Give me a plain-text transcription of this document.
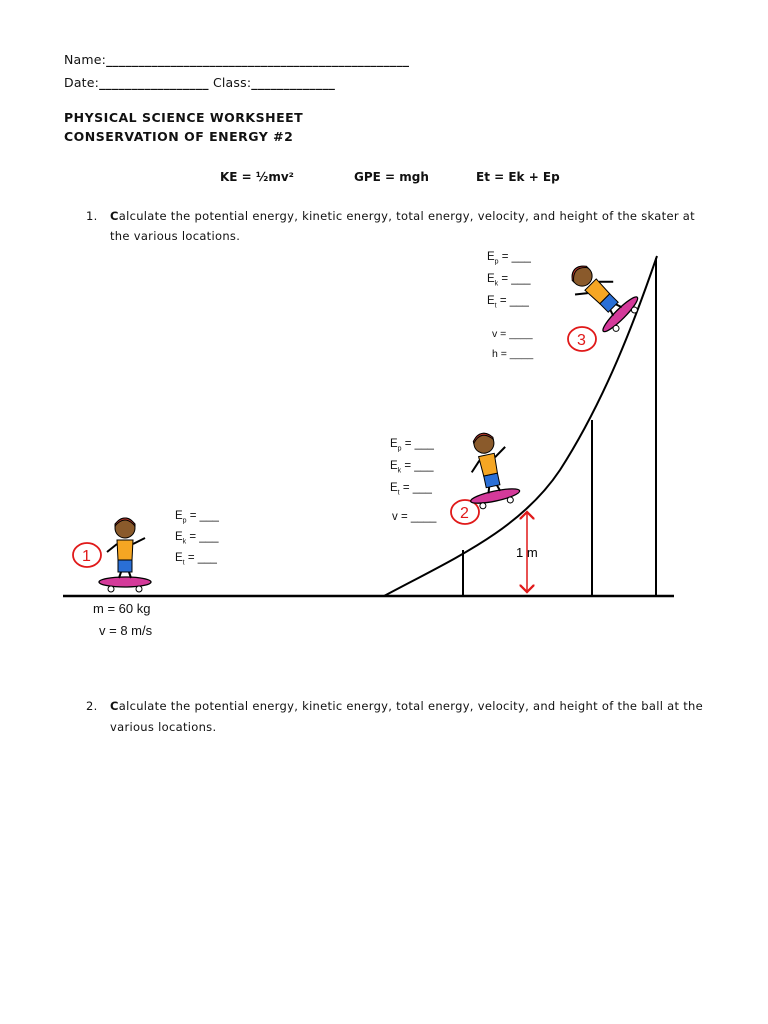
Name:_______________________________________________
Date:_________________ Class:_____________
PHYSICAL SCIENCE WORKSHEET
CONSERVATION OF ENERGY #2
KE = ½mv²	GPE = mgh	Et = Ek + Ep
1. Calculate the potential energy, kinetic energy, total energy, velocity, and height of the skater at
the various locations.
1 m
1
2
3
$E_p$ = ___
$E_k$ = ___
$E_t$ = ___
$E_p$ = ___
$E_k$ = ___
$E_t$ = ___
v = ____
$E_p$ = ___
$E_k$ = ___
$E_t$ = ___
v = ____
h = ____
m = 60 kg
v = 8 m/s
2. Calculate the potential energy, kinetic energy, total energy, velocity, and height of the ball at the
various locations.
